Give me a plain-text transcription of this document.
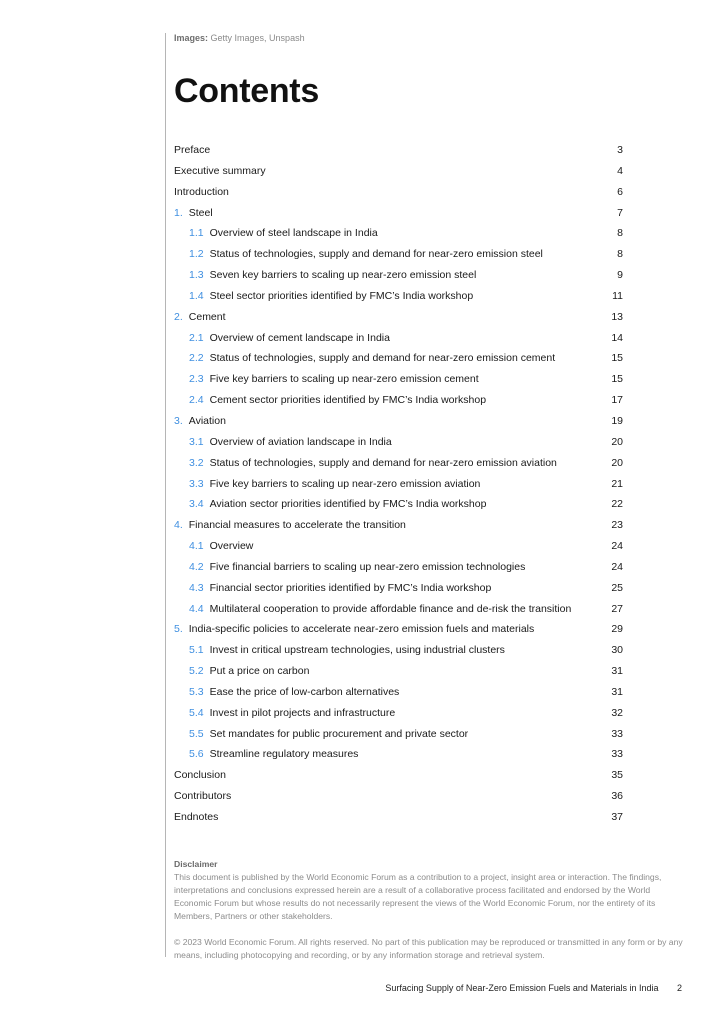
Images: Getty Images, Unspash
Contents
Preface	3
Executive summary	4
Introduction	6
1. Steel	7
1.1 Overview of steel landscape in India	8
1.2 Status of technologies, supply and demand for near-zero emission steel	8
1.3 Seven key barriers to scaling up near-zero emission steel	9
1.4 Steel sector priorities identified by FMC’s India workshop	11
2. Cement	13
2.1 Overview of cement landscape in India	14
2.2 Status of technologies, supply and demand for near-zero emission cement	15
2.3 Five key barriers to scaling up near-zero emission cement	15
2.4 Cement sector priorities identified by FMC’s India workshop	17
3. Aviation	19
3.1 Overview of aviation landscape in India	20
3.2 Status of technologies, supply and demand for near-zero emission aviation	20
3.3 Five key barriers to scaling up near-zero emission aviation	21
3.4 Aviation sector priorities identified by FMC’s India workshop	22
4. Financial measures to accelerate the transition	23
4.1 Overview	24
4.2 Five financial barriers to scaling up near-zero emission technologies	24
4.3 Financial sector priorities identified by FMC’s India workshop	25
4.4 Multilateral cooperation to provide affordable finance and de-risk the transition	27
5. India-specific policies to accelerate near-zero emission fuels and materials	29
5.1 Invest in critical upstream technologies, using industrial clusters	30
5.2 Put a price on carbon	31
5.3 Ease the price of low-carbon alternatives	31
5.4 Invest in pilot projects and infrastructure	32
5.5 Set mandates for public procurement and private sector	33
5.6 Streamline regulatory measures	33
Conclusion	35
Contributors	36
Endnotes	37
Disclaimer
This document is published by the World Economic Forum as a contribution to a project, insight area or interaction. The findings, interpretations and conclusions expressed herein are a result of a collaborative process facilitated and endorsed by the World Economic Forum but whose results do not necessarily represent the views of the World Economic Forum, nor the entirety of its Members, Partners or other stakeholders.
© 2023 World Economic Forum. All rights reserved. No part of this publication may be reproduced or transmitted in any form or by any means, including photocopying and recording, or by any information storage and retrieval system.
Surfacing Supply of Near-Zero Emission Fuels and Materials in India 2
